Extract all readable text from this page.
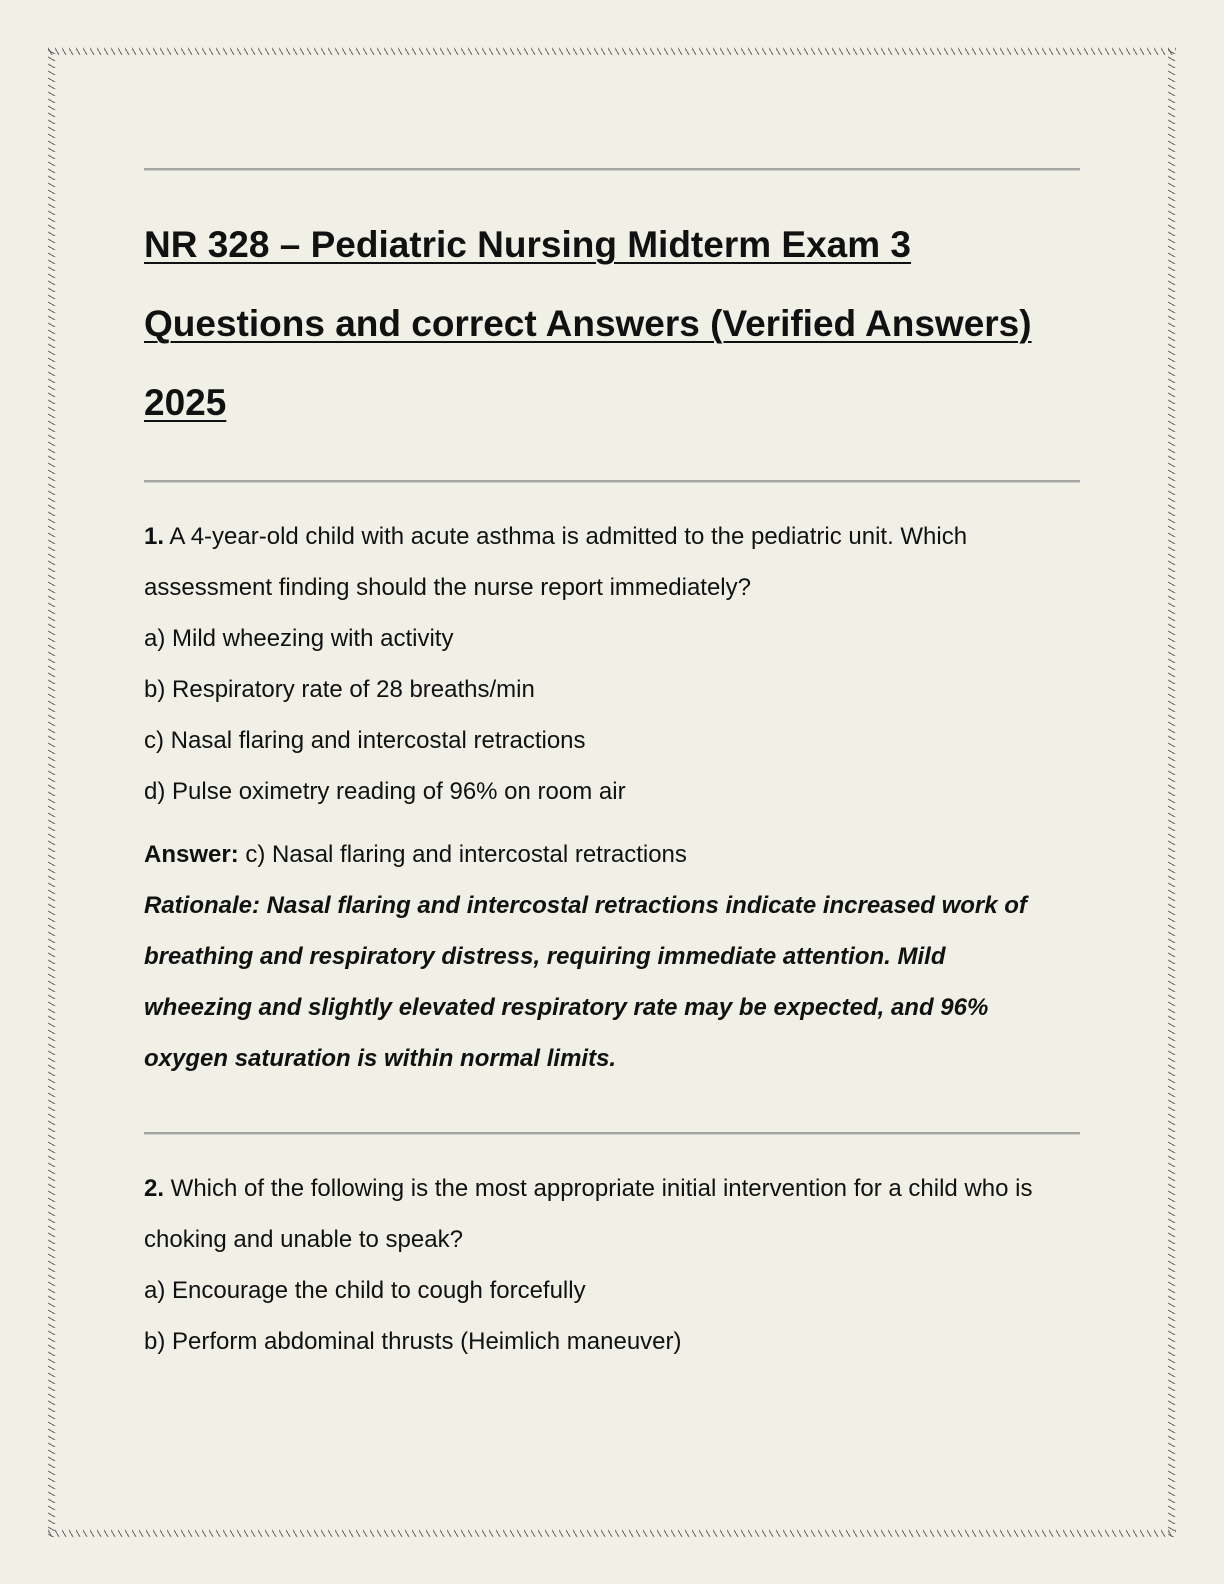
NR 328 – Pediatric Nursing Midterm Exam 3
Questions and correct Answers (Verified Answers)
2025
1. A 4-year-old child with acute asthma is admitted to the pediatric unit. Which assessment finding should the nurse report immediately?
a) Mild wheezing with activity
b) Respiratory rate of 28 breaths/min
c) Nasal flaring and intercostal retractions
d) Pulse oximetry reading of 96% on room air
Answer: c) Nasal flaring and intercostal retractions
Rationale: Nasal flaring and intercostal retractions indicate increased work of breathing and respiratory distress, requiring immediate attention. Mild wheezing and slightly elevated respiratory rate may be expected, and 96% oxygen saturation is within normal limits.
2. Which of the following is the most appropriate initial intervention for a child who is choking and unable to speak?
a) Encourage the child to cough forcefully
b) Perform abdominal thrusts (Heimlich maneuver)
